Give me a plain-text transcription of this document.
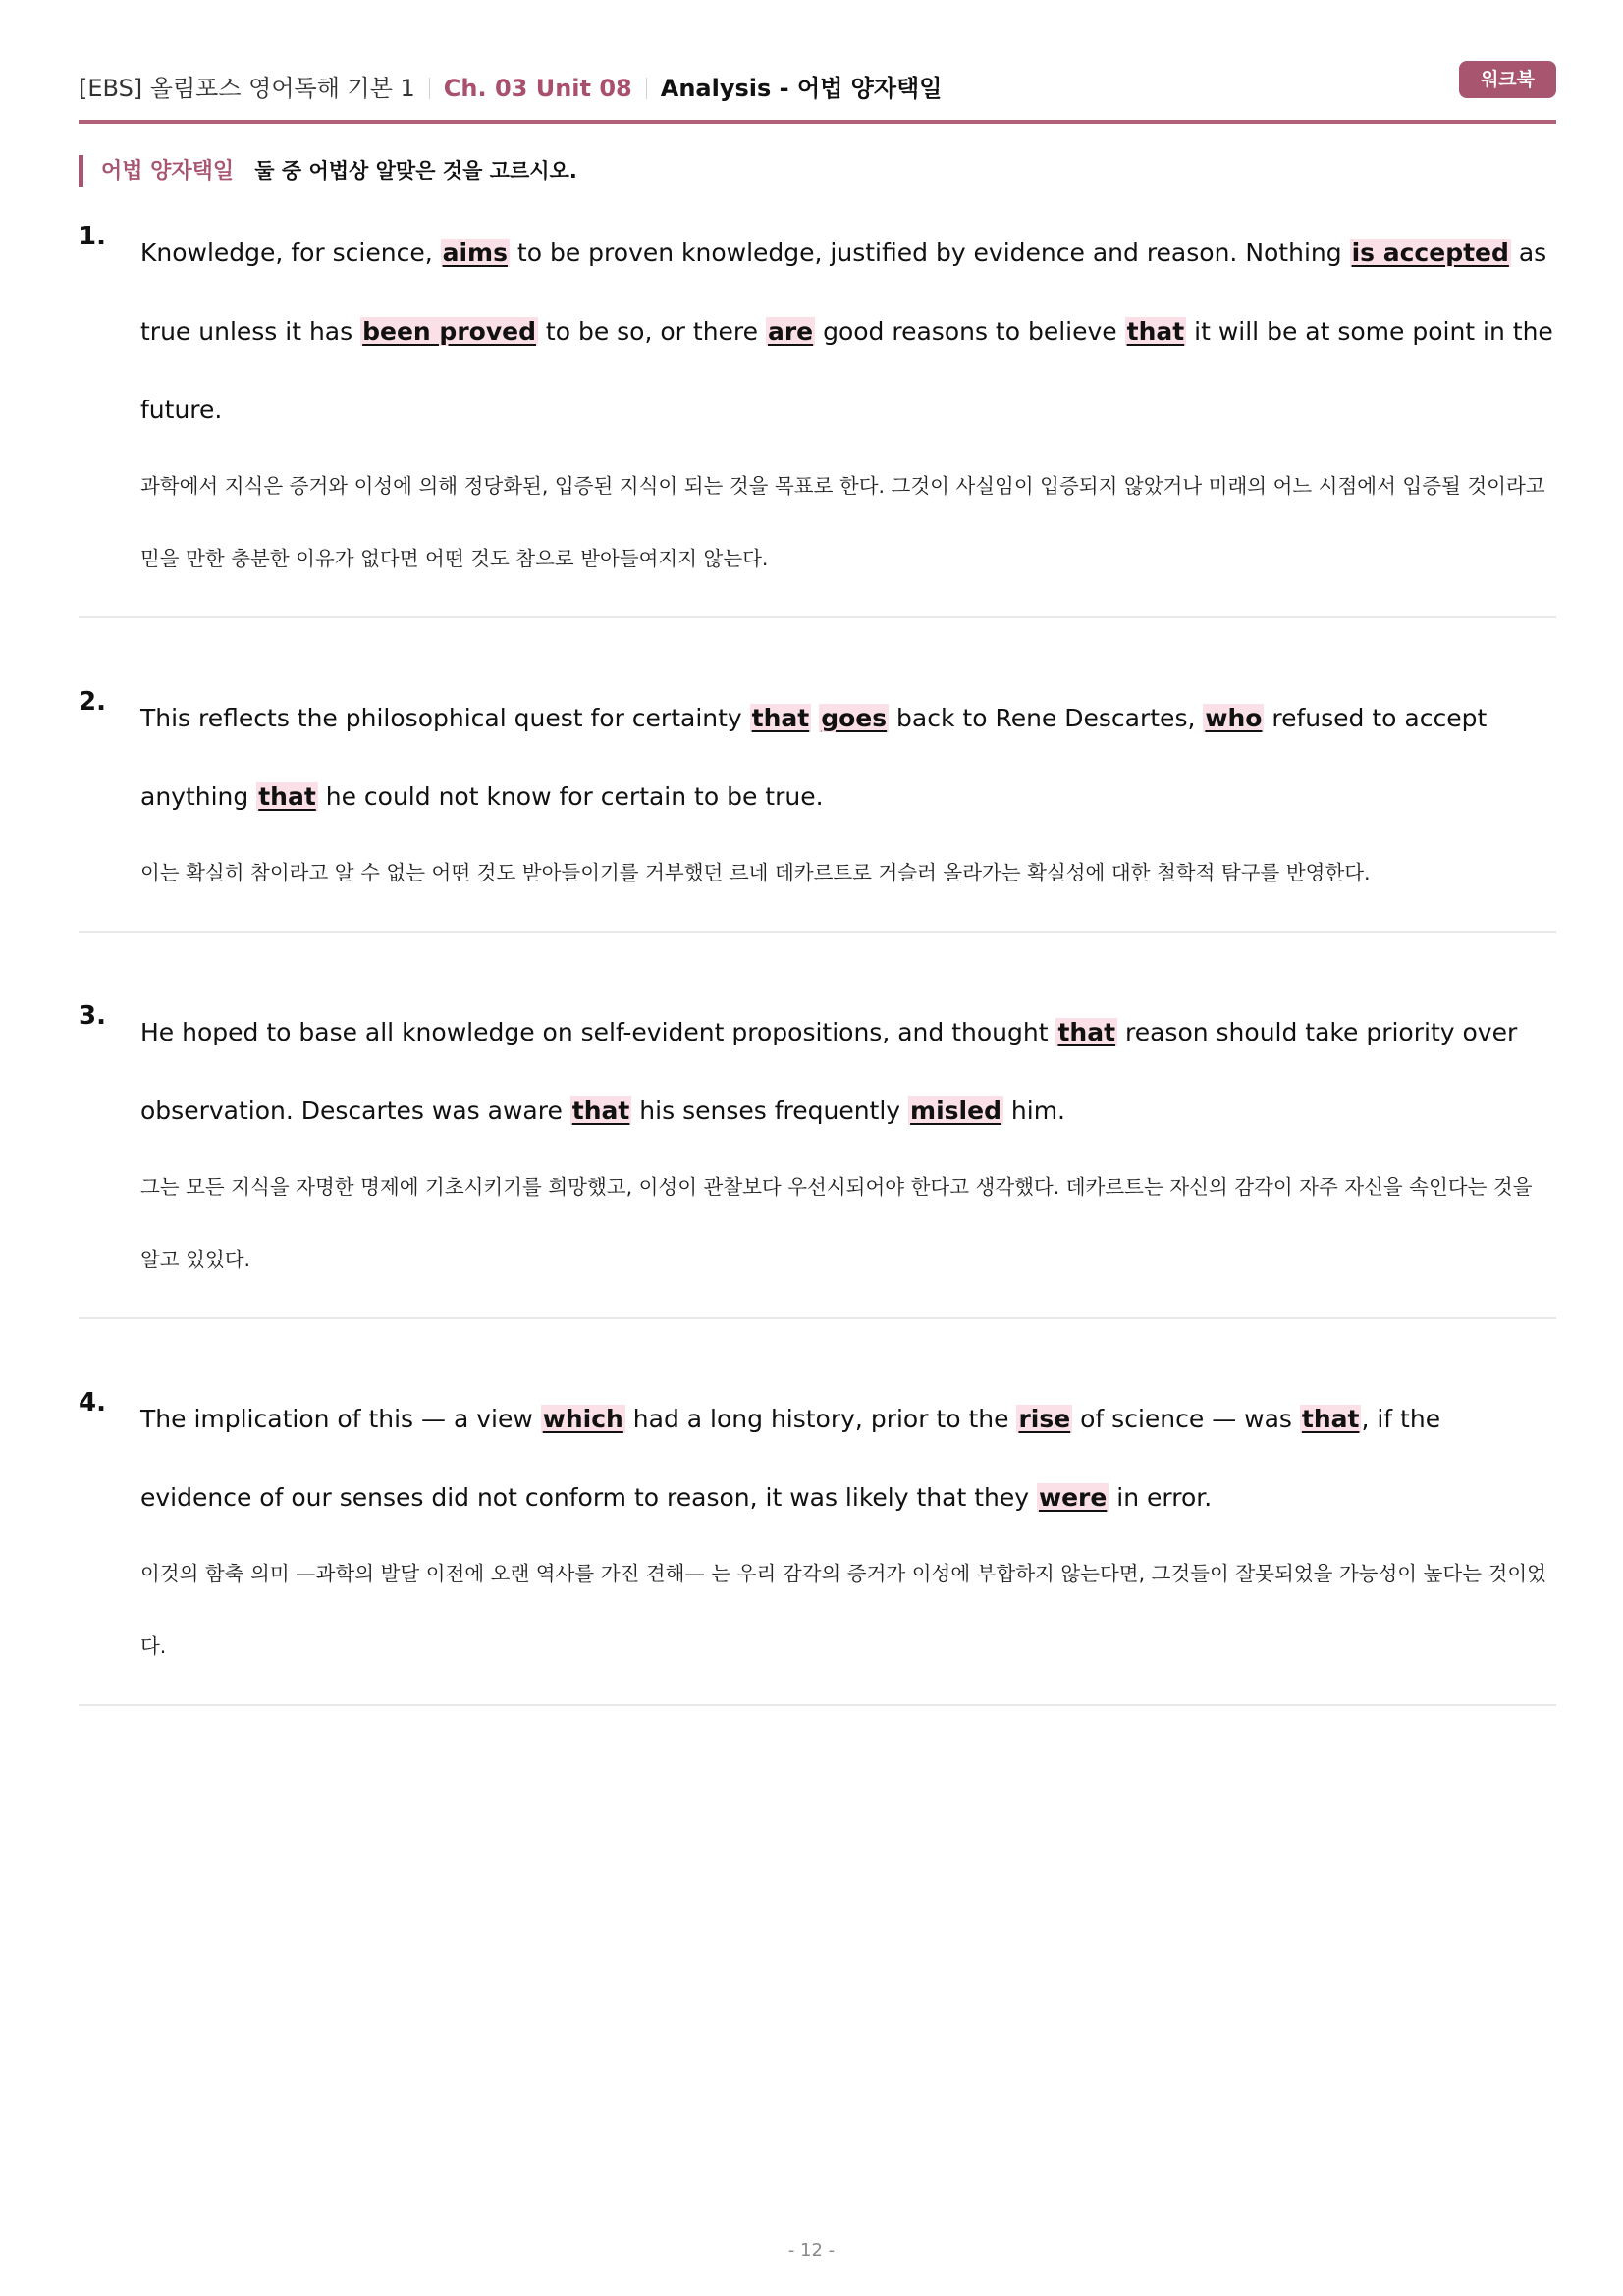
[EBS] 올림포스 영어독해 기본 1 Ch. 03 Unit 08 Analysis - 어법 양자택일	워크북
어법 양자택일 둘 중 어법상 알맞은 것을 고르시오.
1.
Knowledge, for science, aims to be proven knowledge, justified by evidence and reason. Nothing is accepted as true unless it has been proved to be so, or there are good reasons to believe that it will be at some point in the future.
과학에서 지식은 증거와 이성에 의해 정당화된, 입증된 지식이 되는 것을 목표로 한다. 그것이 사실임이 입증되지 않았거나 미래의 어느 시점에서 입증될 것이라고 믿을 만한 충분한 이유가 없다면 어떤 것도 참으로 받아들여지지 않는다.
2.
This reflects the philosophical quest for certainty that goes back to Rene Descartes, who refused to accept anything that he could not know for certain to be true.
이는 확실히 참이라고 알 수 없는 어떤 것도 받아들이기를 거부했던 르네 데카르트로 거슬러 올라가는 확실성에 대한 철학적 탐구를 반영한다.
3.
He hoped to base all knowledge on self-evident propositions, and thought that reason should take priority over observation. Descartes was aware that his senses frequently misled him.
그는 모든 지식을 자명한 명제에 기초시키기를 희망했고, 이성이 관찰보다 우선시되어야 한다고 생각했다. 데카르트는 자신의 감각이 자주 자신을 속인다는 것을 알고 있었다.
4.
The implication of this — a view which had a long history, prior to the rise of science — was that, if the evidence of our senses did not conform to reason, it was likely that they were in error.
이것의 함축 의미 —과학의 발달 이전에 오랜 역사를 가진 견해— 는 우리 감각의 증거가 이성에 부합하지 않는다면, 그것들이 잘못되었을 가능성이 높다는 것이었다.
- 12 -
